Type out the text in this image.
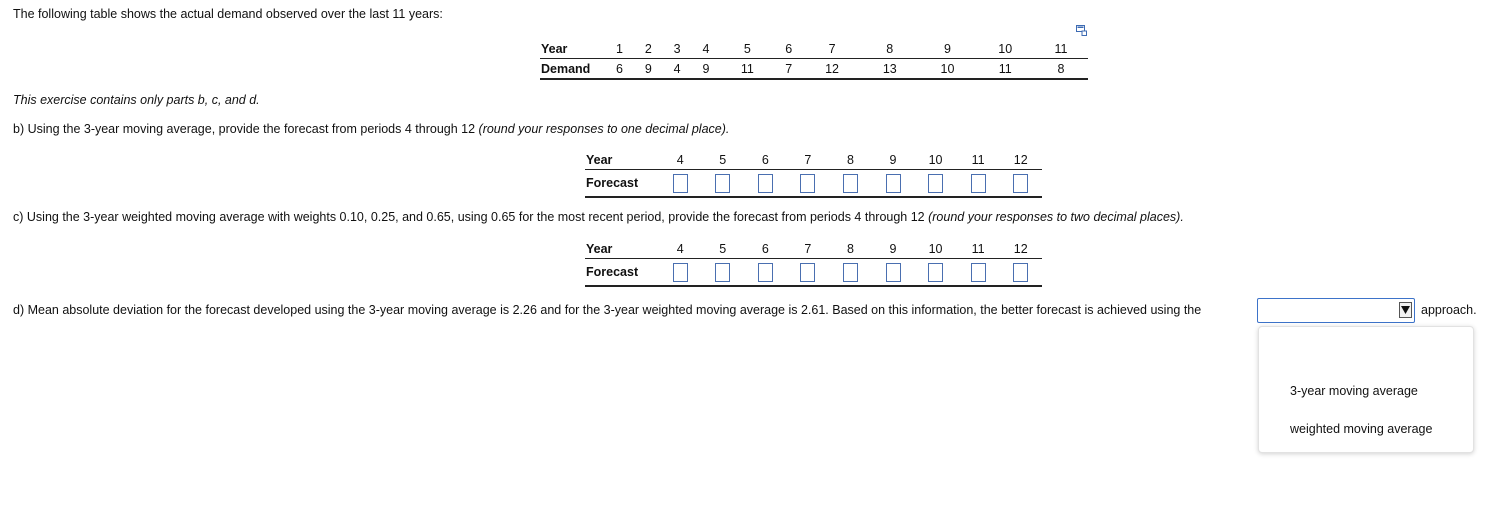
The following table shows the actual demand observed over the last 11 years:
Year	1	2	3	4	5	6	7	8	9	10	11
Demand	6	9	4	9	11	7	12	13	10	11	8
This exercise contains only parts b, c, and d.
b) Using the 3-year moving average, provide the forecast from periods 4 through 12 (round your responses to one decimal place).
Year	4	5	6	7	8	9	10	11	12
Forecast									
c) Using the 3-year weighted moving average with weights 0.10, 0.25, and 0.65, using 0.65 for the most recent period, provide the forecast from periods 4 through 12 (round your responses to two decimal places).
Year	4	5	6	7	8	9	10	11	12
Forecast									
d) Mean absolute deviation for the forecast developed using the 3-year moving average is 2.26 and for the 3-year weighted moving average is 2.61. Based on this information, the better forecast is achieved using the	approach.
3-year moving average
weighted moving average
